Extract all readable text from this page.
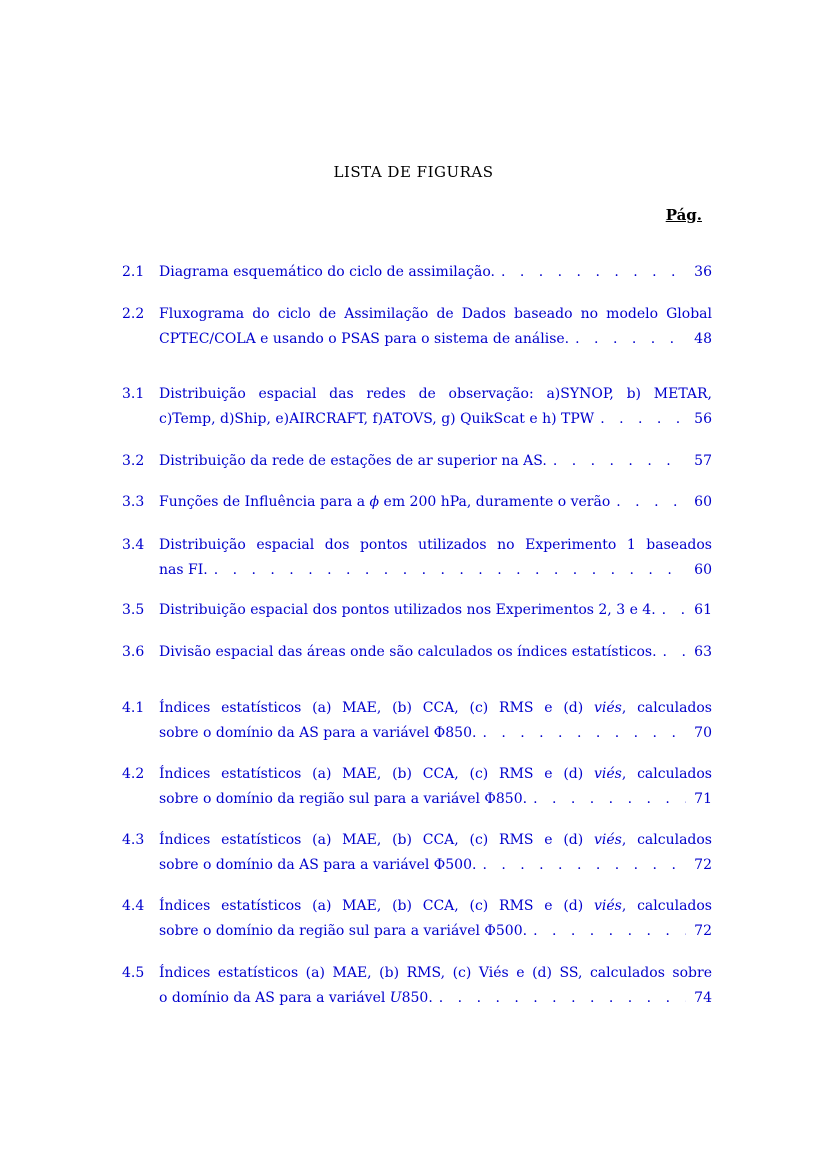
LISTA DE FIGURAS
Pág.
2.1 Diagrama esquemático do ciclo de assimilação. . . .	36
2.2 Fluxograma do ciclo de Assimilação de Dados baseado no modelo Global
CPTEC/COLA e usando o PSAS para o sistema de análise. . . .	48
3.1 Distribuição espacial das redes de observação: a)SYNOP, b) METAR,
c)Temp, d)Ship, e)AIRCRAFT, f)ATOVS, g) QuikScat e h) TPW . . .	56
3.2 Distribuição da rede de estações de ar superior na AS. . . .	57
3.3 Funções de Influência para a ϕ em 200 hPa, duramente o verão . . .	60
3.4 Distribuição espacial dos pontos utilizados no Experimento 1 baseados
nas FI. . . .	60
3.5 Distribuição espacial dos pontos utilizados nos Experimentos 2, 3 e 4. . . .	61
3.6 Divisão espacial das áreas onde são calculados os índices estatísticos. . . .	63
4.1 Índices estatísticos (a) MAE, (b) CCA, (c) RMS e (d) viés, calculados
sobre o domínio da AS para a variável Φ850. . . .	70
4.2 Índices estatísticos (a) MAE, (b) CCA, (c) RMS e (d) viés, calculados
sobre o domínio da região sul para a variável Φ850. . . .	71
4.3 Índices estatísticos (a) MAE, (b) CCA, (c) RMS e (d) viés, calculados
sobre o domínio da AS para a variável Φ500. . . .	72
4.4 Índices estatísticos (a) MAE, (b) CCA, (c) RMS e (d) viés, calculados
sobre o domínio da região sul para a variável Φ500. . . .	72
4.5 Índices estatísticos (a) MAE, (b) RMS, (c) Viés e (d) SS, calculados sobre
o domínio da AS para a variável U850. . . .	74
